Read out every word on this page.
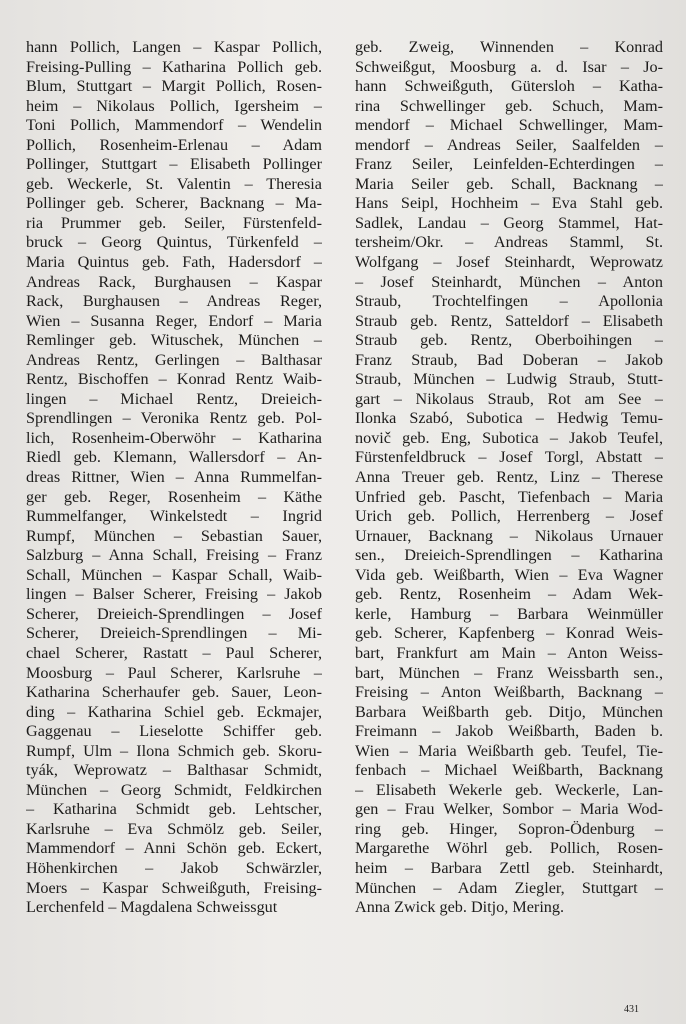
hann Pollich, Langen – Kaspar Pollich,
Freising-Pulling – Katharina Pollich geb.
Blum, Stuttgart – Margit Pollich, Rosen-
heim – Nikolaus Pollich, Igersheim –
Toni Pollich, Mammendorf – Wendelin
Pollich, Rosenheim-Erlenau – Adam
Pollinger, Stuttgart – Elisabeth Pollinger
geb. Weckerle, St. Valentin – Theresia
Pollinger geb. Scherer, Backnang – Ma-
ria Prummer geb. Seiler, Fürstenfeld-
bruck – Georg Quintus, Türkenfeld –
Maria Quintus geb. Fath, Hadersdorf –
Andreas Rack, Burghausen – Kaspar
Rack, Burghausen – Andreas Reger,
Wien – Susanna Reger, Endorf – Maria
Remlinger geb. Wituschek, München –
Andreas Rentz, Gerlingen – Balthasar
Rentz, Bischoffen – Konrad Rentz Waib-
lingen – Michael Rentz, Dreieich-
Sprendlingen – Veronika Rentz geb. Pol-
lich, Rosenheim-Oberwöhr – Katharina
Riedl geb. Klemann, Wallersdorf – An-
dreas Rittner, Wien – Anna Rummelfan-
ger geb. Reger, Rosenheim – Käthe
Rummelfanger, Winkelstedt – Ingrid
Rumpf, München – Sebastian Sauer,
Salzburg – Anna Schall, Freising – Franz
Schall, München – Kaspar Schall, Waib-
lingen – Balser Scherer, Freising – Jakob
Scherer, Dreieich-Sprendlingen – Josef
Scherer, Dreieich-Sprendlingen – Mi-
chael Scherer, Rastatt – Paul Scherer,
Moosburg – Paul Scherer, Karlsruhe –
Katharina Scherhaufer geb. Sauer, Leon-
ding – Katharina Schiel geb. Eckmajer,
Gaggenau – Lieselotte Schiffer geb.
Rumpf, Ulm – Ilona Schmich geb. Skoru-
tyák, Weprowatz – Balthasar Schmidt,
München – Georg Schmidt, Feldkirchen
– Katharina Schmidt geb. Lehtscher,
Karlsruhe – Eva Schmölz geb. Seiler,
Mammendorf – Anni Schön geb. Eckert,
Höhenkirchen – Jakob Schwärzler,
Moers – Kaspar Schweißguth, Freising-
Lerchenfeld – Magdalena Schweissgut
geb. Zweig, Winnenden – Konrad
Schweißgut, Moosburg a. d. Isar – Jo-
hann Schweißguth, Gütersloh – Katha-
rina Schwellinger geb. Schuch, Mam-
mendorf – Michael Schwellinger, Mam-
mendorf – Andreas Seiler, Saalfelden –
Franz Seiler, Leinfelden-Echterdingen –
Maria Seiler geb. Schall, Backnang –
Hans Seipl, Hochheim – Eva Stahl geb.
Sadlek, Landau – Georg Stammel, Hat-
tersheim/Okr. – Andreas Stamml, St.
Wolfgang – Josef Steinhardt, Weprowatz
– Josef Steinhardt, München – Anton
Straub, Trochtelfingen – Apollonia
Straub geb. Rentz, Satteldorf – Elisabeth
Straub geb. Rentz, Oberboihingen –
Franz Straub, Bad Doberan – Jakob
Straub, München – Ludwig Straub, Stutt-
gart – Nikolaus Straub, Rot am See –
Ilonka Szabó, Subotica – Hedwig Temu-
novič geb. Eng, Subotica – Jakob Teufel,
Fürstenfeldbruck – Josef Torgl, Abstatt –
Anna Treuer geb. Rentz, Linz – Therese
Unfried geb. Pascht, Tiefenbach – Maria
Urich geb. Pollich, Herrenberg – Josef
Urnauer, Backnang – Nikolaus Urnauer
sen., Dreieich-Sprendlingen – Katharina
Vida geb. Weißbarth, Wien – Eva Wagner
geb. Rentz, Rosenheim – Adam Wek-
kerle, Hamburg – Barbara Weinmüller
geb. Scherer, Kapfenberg – Konrad Weis-
bart, Frankfurt am Main – Anton Weiss-
bart, München – Franz Weissbarth sen.,
Freising – Anton Weißbarth, Backnang –
Barbara Weißbarth geb. Ditjo, München
Freimann – Jakob Weißbarth, Baden b.
Wien – Maria Weißbarth geb. Teufel, Tie-
fenbach – Michael Weißbarth, Backnang
– Elisabeth Wekerle geb. Weckerle, Lan-
gen – Frau Welker, Sombor – Maria Wod-
ring geb. Hinger, Sopron-Ödenburg –
Margarethe Wöhrl geb. Pollich, Rosen-
heim – Barbara Zettl geb. Steinhardt,
München – Adam Ziegler, Stuttgart –
Anna Zwick geb. Ditjo, Mering.
431
